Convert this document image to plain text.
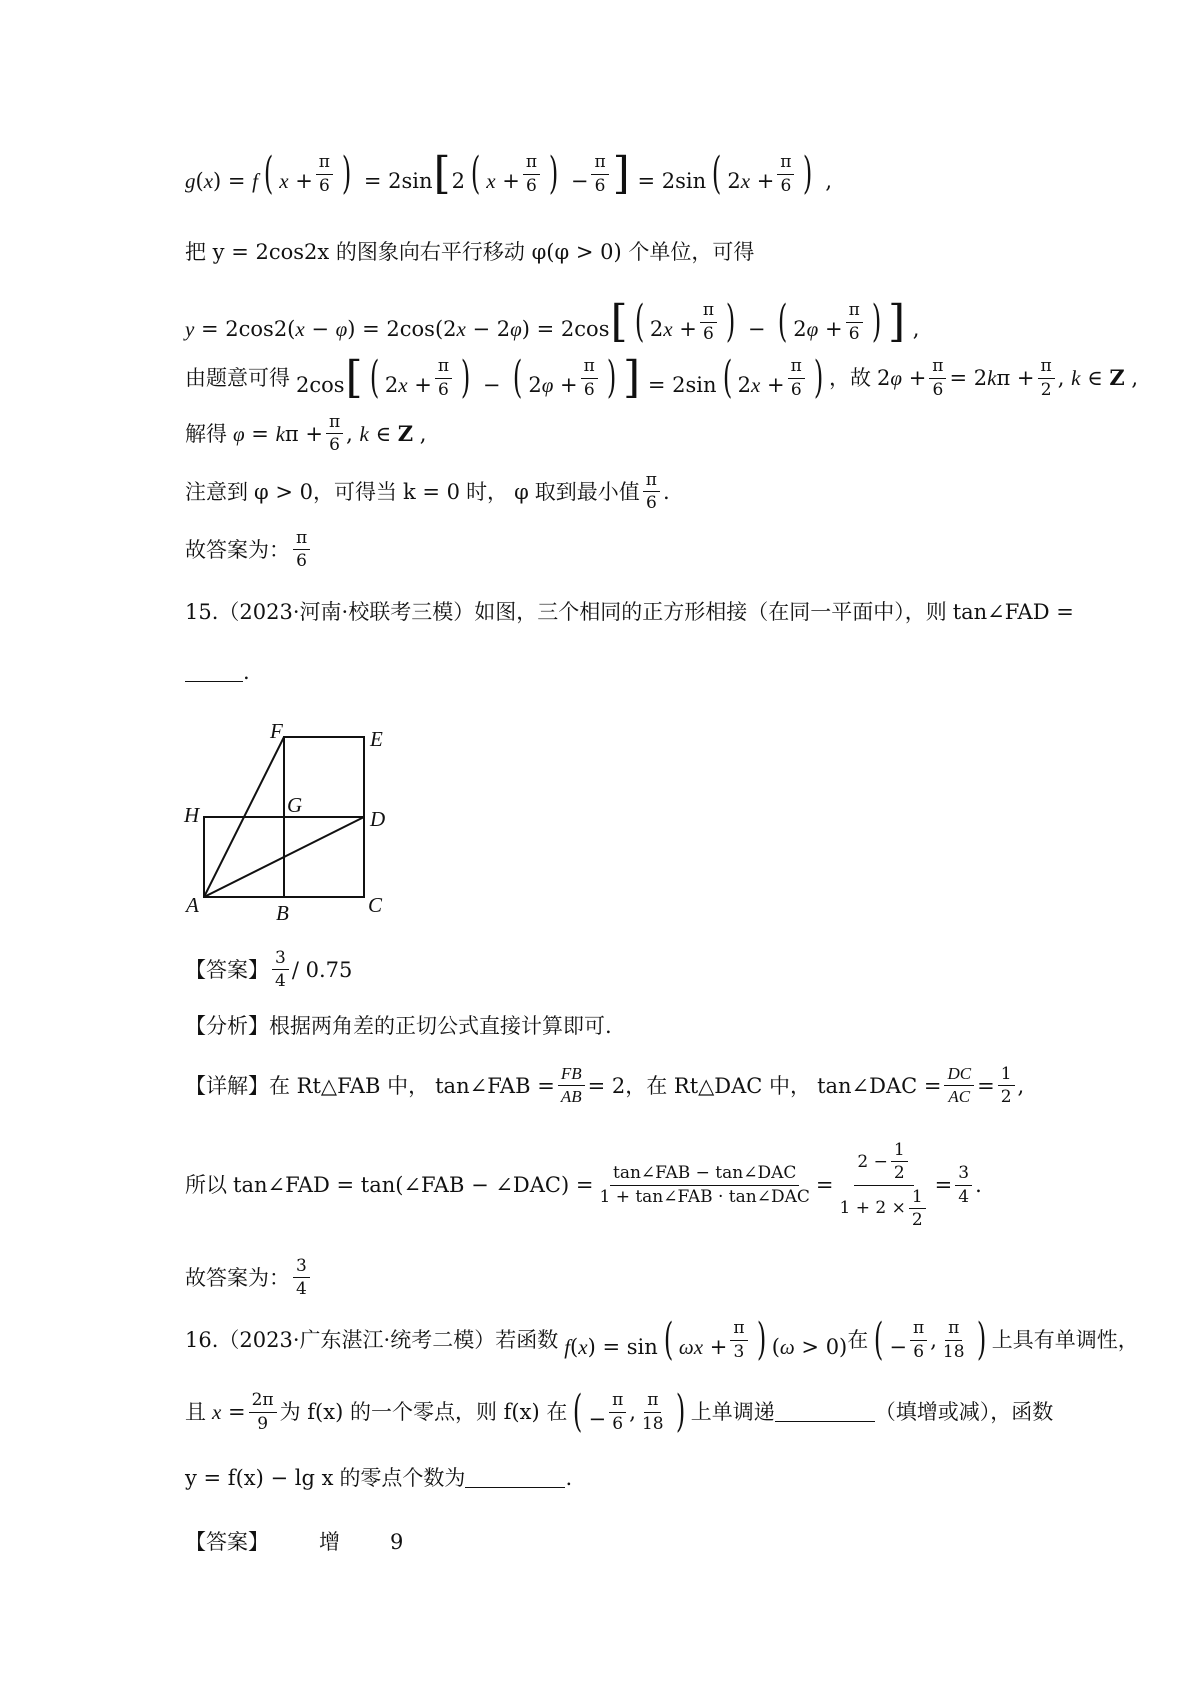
g(x) = f ( $x + \frac{\pi}{6}$ ) = 2sin[2 ( $x + \frac{\pi}{6}$ ) − $\frac{\pi}{6}$ ] = 2sin ( $2x + \frac{\pi}{6}$ ) ,
把 y = 2cos2x 的图象向右平行移动 φ(φ > 0) 个单位，可得
y = 2cos2(x − φ) = 2cos(2x − 2φ) = 2cos[ ( $2x + \frac{\pi}{6}$ ) − ( $2\varphi + \frac{\pi}{6}$ ) ] ,
由题意可得 2cos[ ( $2x + \frac{\pi}{6}$ ) − ( $2\varphi + \frac{\pi}{6}$ ) ] = 2sin ( $2x + \frac{\pi}{6}$ ) ，故 $2\varphi + \frac{\pi}{6} = 2k\pi + \frac{\pi}{2}$ , k ∈ Z ,
解得 $\varphi = k\pi + \frac{\pi}{6}$ , k ∈ Z ,
注意到 φ > 0 ，可得当 k = 0 时， φ 取到最小值 $\frac{\pi}{6}$ .
故答案为： $\frac{\pi}{6}$
15. （2023·河南·校联考三模） 如图，三个相同的正方形相接（在同一平面中），则 tan∠FAD =
.
F	E
H	G
D
A	B	C
【答案】 $\frac{3}{4} / 0.75$
【分析】 根据两角差的正切公式直接计算即可.
【详解】 在 Rt△FAB 中， tan∠FAB = $\frac{FB}{AB} = 2$ ，在 Rt△DAC 中， tan∠DAC = $\frac{DC}{AC} = \frac{1}{2}$ ,
所以 tan∠FAD = tan(∠FAB − ∠DAC) = $\frac{\text{tan∠FAB − tan∠DAC}}{\text{1 + tan∠FAB · tan∠DAC}} = \frac{2 - \frac{1}{2}}{1 + 2 \times \frac{1}{2}} = \frac{3}{4}$ .
故答案为： $\frac{3}{4}$
16. （2023·广东湛江·统考二模） 若函数 f(x) = sin ( $\omega x + \frac{\pi}{3}$ ) (ω > 0) 在 ( − $\frac{\pi}{6}$ , $\frac{\pi}{18}$ ) 上具有单调性，
且 $x = \frac{2\pi}{9}$ 为 f(x) 的一个零点，则 f(x) 在 ( − $\frac{\pi}{6}$ , $\frac{\pi}{18}$ ) 上单调递	（填增或减），函数
y = f(x) − lg x 的零点个数为	.
【答案】 增 9
